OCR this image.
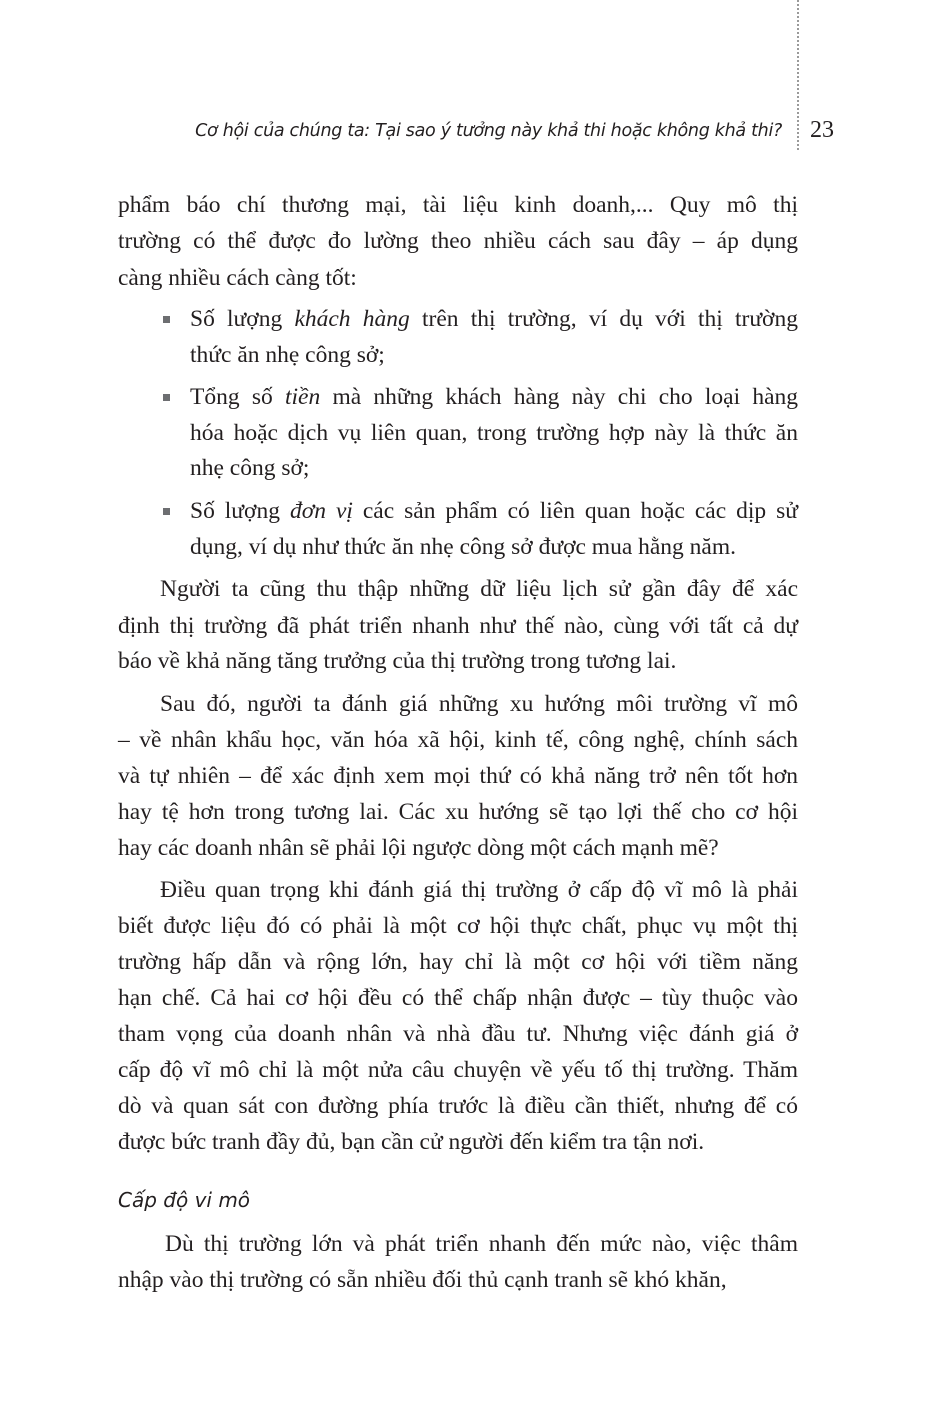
Cơ hội của chúng ta: Tại sao ý tưởng này khả thi hoặc không khả thi? 23
phẩm báo chí thương mại, tài liệu kinh doanh,... Quy mô thị
trường có thể được đo lường theo nhiều cách sau đây – áp dụng
càng nhiều cách càng tốt:
Số lượng khách hàng trên thị trường, ví dụ với thị trường
thức ăn nhẹ công sở;
Tổng số tiền mà những khách hàng này chi cho loại hàng
hóa hoặc dịch vụ liên quan, trong trường hợp này là thức ăn
nhẹ công sở;
Số lượng đơn vị các sản phẩm có liên quan hoặc các dịp sử
dụng, ví dụ như thức ăn nhẹ công sở được mua hằng năm.
Người ta cũng thu thập những dữ liệu lịch sử gần đây để xác
định thị trường đã phát triển nhanh như thế nào, cùng với tất cả dự
báo về khả năng tăng trưởng của thị trường trong tương lai.
Sau đó, người ta đánh giá những xu hướng môi trường vĩ mô
– về nhân khẩu học, văn hóa xã hội, kinh tế, công nghệ, chính sách
và tự nhiên – để xác định xem mọi thứ có khả năng trở nên tốt hơn
hay tệ hơn trong tương lai. Các xu hướng sẽ tạo lợi thế cho cơ hội
hay các doanh nhân sẽ phải lội ngược dòng một cách mạnh mẽ?
Điều quan trọng khi đánh giá thị trường ở cấp độ vĩ mô là phải
biết được liệu đó có phải là một cơ hội thực chất, phục vụ một thị
trường hấp dẫn và rộng lớn, hay chỉ là một cơ hội với tiềm năng
hạn chế. Cả hai cơ hội đều có thể chấp nhận được – tùy thuộc vào
tham vọng của doanh nhân và nhà đầu tư. Nhưng việc đánh giá ở
cấp độ vĩ mô chỉ là một nửa câu chuyện về yếu tố thị trường. Thăm
dò và quan sát con đường phía trước là điều cần thiết, nhưng để có
được bức tranh đầy đủ, bạn cần cử người đến kiểm tra tận nơi.
Cấp độ vi mô
Dù thị trường lớn và phát triển nhanh đến mức nào, việc thâm
nhập vào thị trường có sẵn nhiều đối thủ cạnh tranh sẽ khó khăn,
